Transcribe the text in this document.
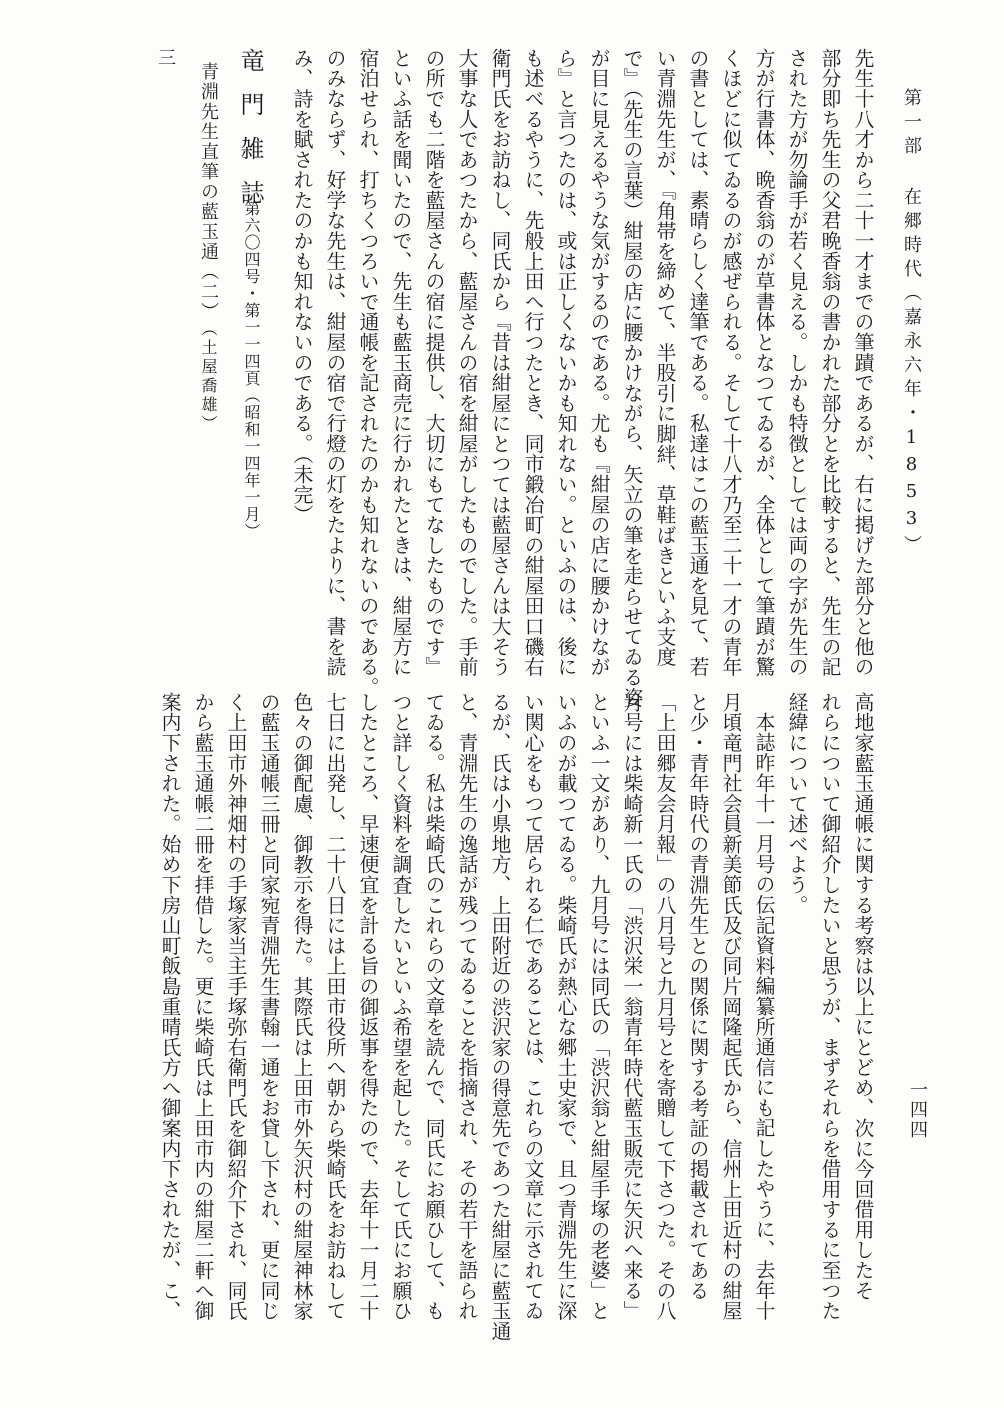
第一部 在郷時代（嘉永六年・1853）
一四四
先生十八才から二十一才までの筆蹟であるが、右に掲げた部分と他の
部分即ち先生の父君晩香翁の書かれた部分とを比較すると、先生の記
された方が勿論手が若く見える。しかも特徴としては両の字が先生の
方が行書体、晩香翁のが草書体となつてゐるが、全体として筆蹟が驚
くほどに似てゐるのが感ぜられる。そして十八才乃至二十一才の青年
の書としては、素晴らしく達筆である。私達はこの藍玉通を見て、若
い青淵先生が、『角帯を締めて、半股引に脚絆、草鞋ばきといふ支度
で』（先生の言葉）紺屋の店に腰かけながら、矢立の筆を走らせてゐる姿
が目に見えるやうな気がするのである。尤も『紺屋の店に腰かけなが
ら』と言つたのは、或は正しくないかも知れない。といふのは、後に
も述べるやうに、先般上田へ行つたとき、同市鍛冶町の紺屋田口磯右
衛門氏をお訪ねし、同氏から『昔は紺屋にとつては藍屋さんは大そう
大事な人であつたから、藍屋さんの宿を紺屋がしたものでした。手前
の所でも二階を藍屋さんの宿に提供し、大切にもてなしたものです』
といふ話を聞いたので、先生も藍玉商売に行かれたときは、紺屋方に
宿泊せられ、打ちくつろいで通帳を記されたのかも知れないのである。
のみならず、好学な先生は、紺屋の宿で行燈の灯をたよりに、書を読
み、詩を賦されたのかも知れないのである。（未完）
竜門雑誌
第六〇四号・第一一四頁（昭和一四年一月）
青淵先生直筆の藍玉通（二）
（土屋喬雄）
三
高地家藍玉通帳に関する考察は以上にとどめ、次に今回借用したそ
れらについて御紹介したいと思うが、まずそれらを借用するに至つた
経緯について述べよう。
本誌昨年十一月号の伝記資料編纂所通信にも記したやうに、去年十
月頃竜門社会員新美節氏及び同片岡隆起氏から、信州上田近村の紺屋
と少・青年時代の青淵先生との関係に関する考証の掲載されてある
「上田郷友会月報」の八月号と九月号とを寄贈して下さつた。その八
月号には柴崎新一氏の「渋沢栄一翁青年時代藍玉販売に矢沢へ来る」
といふ一文があり、九月号には同氏の「渋沢翁と紺屋手塚の老婆」と
いふのが載つてゐる。柴崎氏が熱心な郷土史家で、且つ青淵先生に深
い関心をもつて居られる仁であることは、これらの文章に示されてゐ
るが、氏は小県地方、上田附近の渋沢家の得意先であつた紺屋に藍玉通
と、青淵先生の逸話が残つてゐることを指摘され、その若干を語られ
てゐる。私は柴崎氏のこれらの文章を読んで、同氏にお願ひして、も
つと詳しく資料を調査したいといふ希望を起した。そして氏にお願ひ
したところ、早速便宜を計る旨の御返事を得たので、去年十一月二十
七日に出発し、二十八日には上田市役所へ朝から柴崎氏をお訪ねして
色々の御配慮、御教示を得た。其際氏は上田市外矢沢村の紺屋神林家
の藍玉通帳三冊と同家宛青淵先生書翰一通をお貸し下され、更に同じ
く上田市外神畑村の手塚家当主手塚弥右衛門氏を御紹介下され、同氏
から藍玉通帳二冊を拝借した。更に柴崎氏は上田市内の紺屋二軒へ御
案内下された。始め下房山町飯島重晴氏方へ御案内下されたが、こ、
